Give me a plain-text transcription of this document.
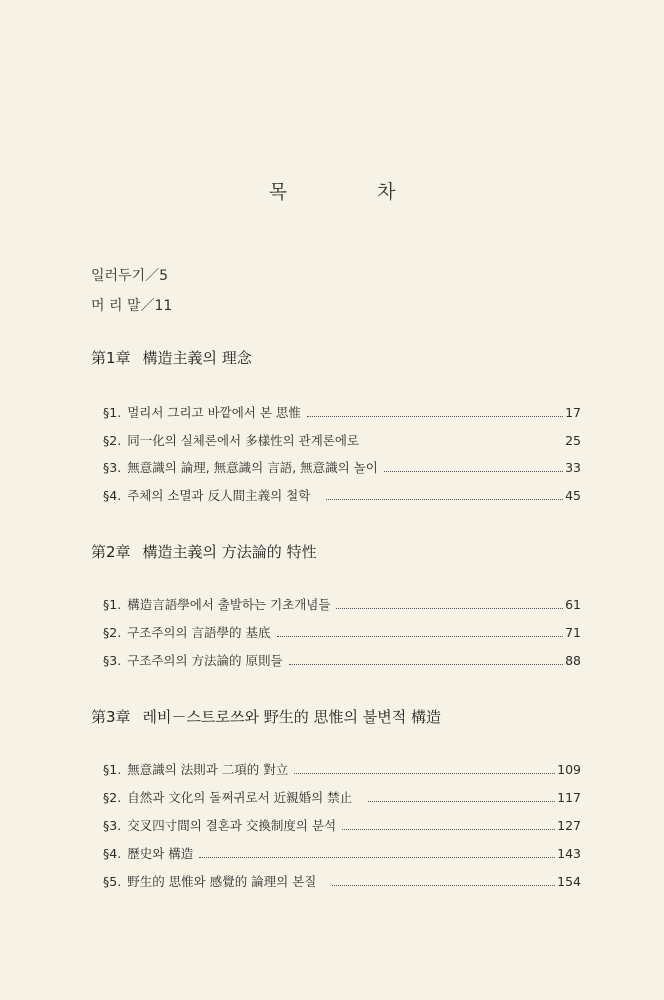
목 차
일러두기／5
머 리 말／11
第1章 構造主義의 理念
§1. 멀리서 그리고 바깥에서 본 思惟	17
§2. 同一化의 실체론에서 多樣性의 관계론에로	25
§3. 無意識의 論理, 無意識의 言語, 無意識의 놀이	33
§4. 주체의 소멸과 反人間主義의 철학	45
第2章 構造主義의 方法論的 特性
§1. 構造言語學에서 출발하는 기초개념들	61
§2. 구조주의의 言語學的 基底	71
§3. 구조주의의 方法論的 原則들	88
第3章 레비－스트로쓰와 野生的 思惟의 불변적 構造
§1. 無意識의 法則과 二項的 對立	109
§2. 自然과 文化의 돌쩌귀로서 近親婚의 禁止	117
§3. 交叉四寸間의 결혼과 交換制度의 분석	127
§4. 歷史와 構造	143
§5. 野生的 思惟와 感覺的 論理의 본질	154
